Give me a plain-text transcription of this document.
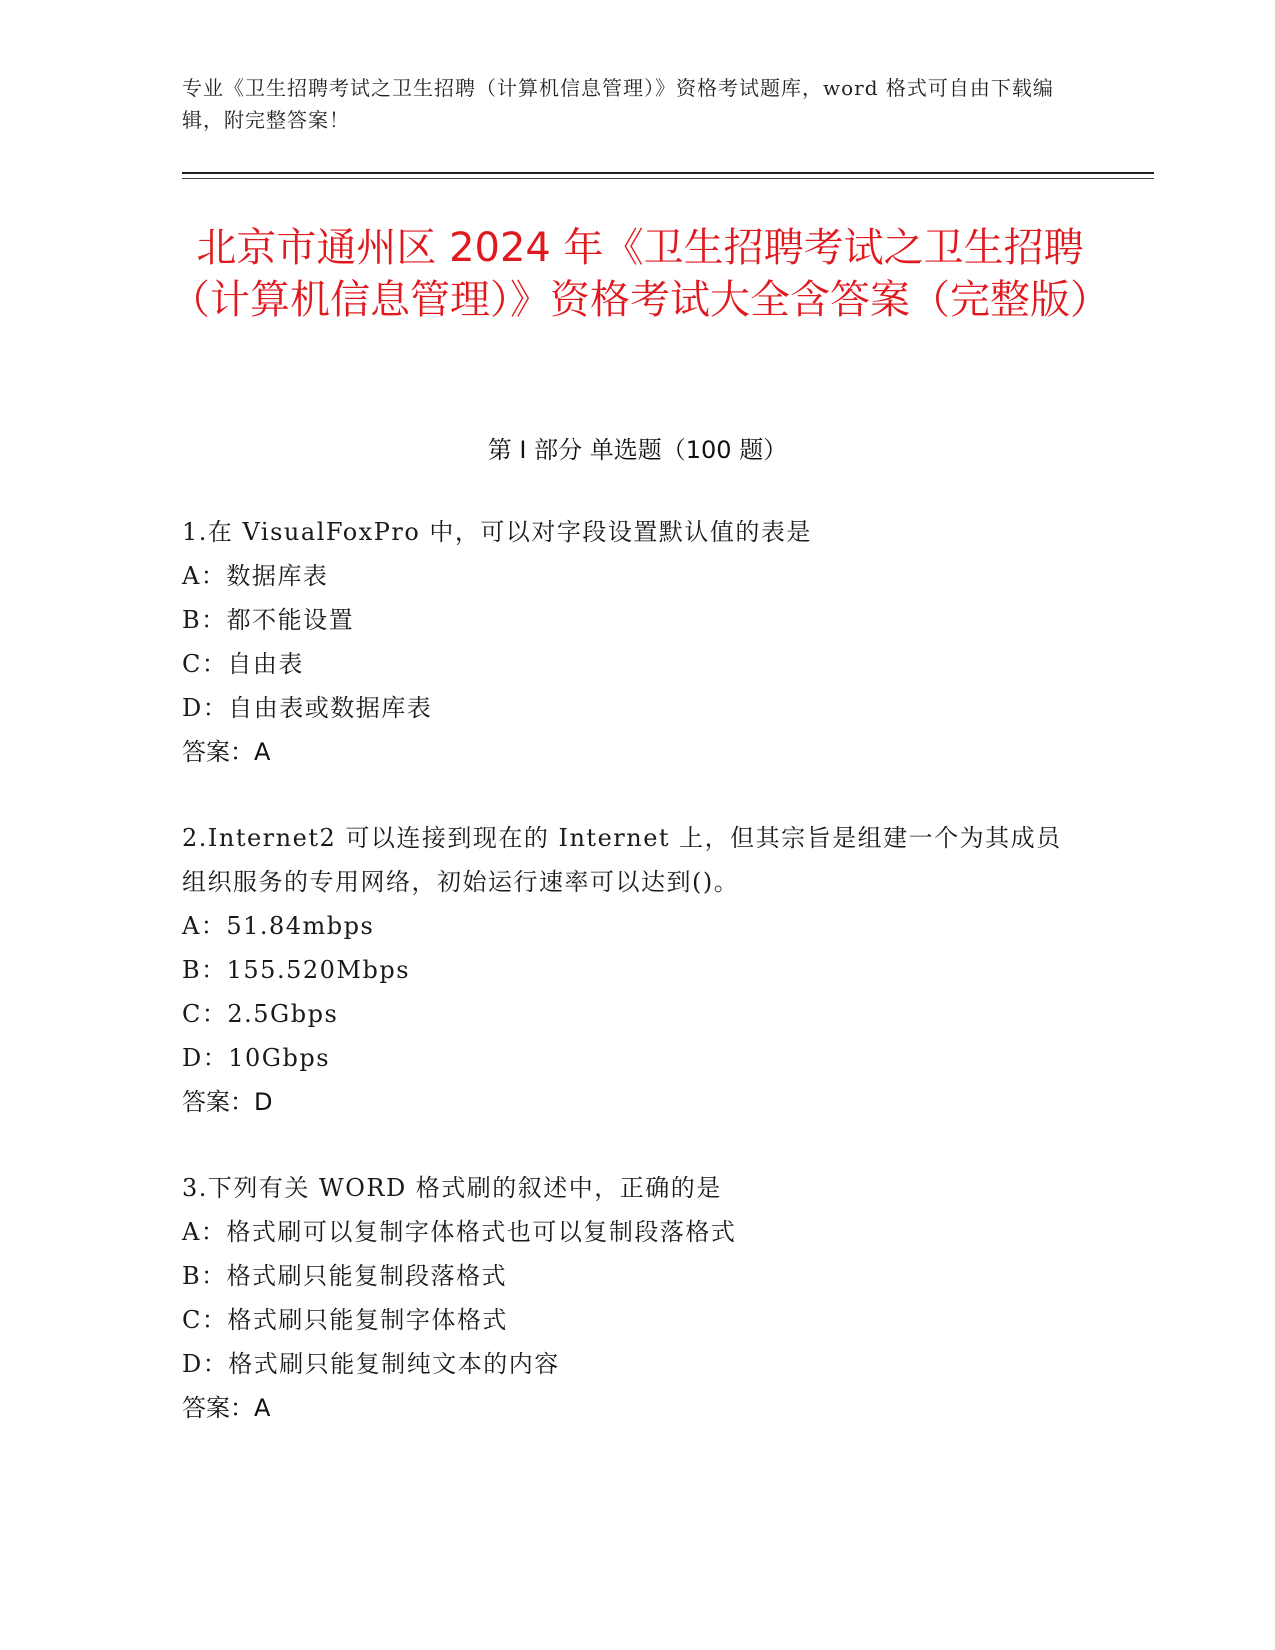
专业《卫生招聘考试之卫生招聘（计算机信息管理）》资格考试题库，word 格式可自由下载编辑，附完整答案！
北京市通州区 2024 年《卫生招聘考试之卫生招聘（计算机信息管理）》资格考试大全含答案（完整版）
第 I 部分 单选题（100 题）
1.在 VisualFoxPro 中，可以对字段设置默认值的表是
A：数据库表
B：都不能设置
C：自由表
D：自由表或数据库表
答案：A
2.Internet2 可以连接到现在的 Internet 上，但其宗旨是组建一个为其成员组织服务的专用网络，初始运行速率可以达到()。
A：51.84mbps
B：155.520Mbps
C：2.5Gbps
D：10Gbps
答案：D
3.下列有关 WORD 格式刷的叙述中，正确的是
A：格式刷可以复制字体格式也可以复制段落格式
B：格式刷只能复制段落格式
C：格式刷只能复制字体格式
D：格式刷只能复制纯文本的内容
答案：A
